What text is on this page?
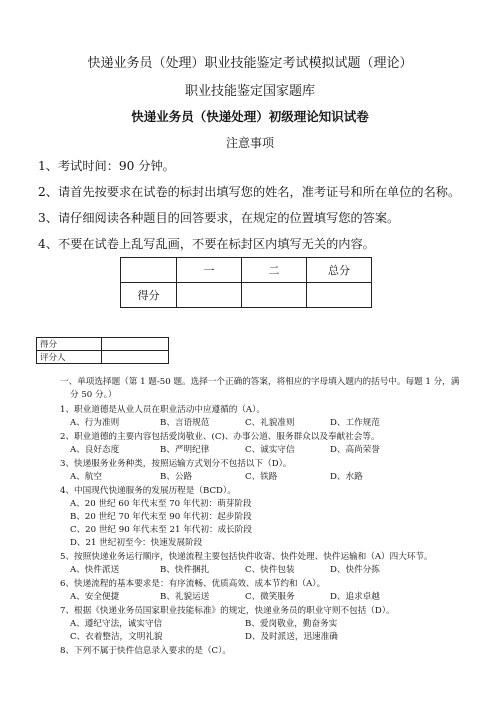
快递业务员（处理）职业技能鉴定考试模拟试题（理论）
职业技能鉴定国家题库
快递业务员（快递处理）初级理论知识试卷
注意事项
1、考试时间：90 分钟。
2、请首先按要求在试卷的标封出填写您的姓名，准考证号和所在单位的名称。
3、请仔细阅读各种题目的回答要求，在规定的位置填写您的答案。
4、不要在试卷上乱写乱画，不要在标封区内填写无关的内容。
	一	二	总分
得分			
得分	
评分人	
一、单项选择题（第 1 题-50 题。选择一个正确的答案，将相应的字母填入题内的括号中。每题 1 分，满
分 50 分。）
1、职业道德是从业人员在职业活动中应遵循的（A）。
A、行为准则	B、言语规范	C、礼貌准则	D、工作规范
2、职业道德的主要内容包括爱岗敬业、(C)、办事公道、服务群众以及奉献社会等。
A、良好态度	B、严明纪律	C、诚实守信	D、高尚荣誉
3、快递服务业务种类，按照运输方式划分不包括以下（D）。
A、航空	B、公路	C、铁路	D、水路
4、中国现代快递服务的发展历程是（BCD）。
A、20 世纪 60 年代末至 70 年代初：萌芽阶段
B、20 世纪 70 年代末至 90 年代初：起步阶段
C、20 世纪 90 年代末至 21 年代初：成长阶段
D、21 世纪初至今：快速发展阶段
5、按照快递业务运行顺序，快递流程主要包括快件收寄、快件处理、快件运输和（A）四大环节。
A、快件派送	B、快件捆扎	C、快件包装	D、快件分拣
6、快递流程的基本要求是：有序流畅、优质高效、成本节约和（A）。
A、安全便捷	B、礼貌运送	C、微笑服务	D、追求卓越
7、根据《快递业务员国家职业技能标准》的规定，快递业务员的职业守则不包括（D）。
A、遵纪守法，诚实守信	B、爱岗敬业，勤奋务实
C、衣着整洁，文明礼貌	D、及时派送，迅速准确
8、下列不属于快件信息录入要求的是（C）。
